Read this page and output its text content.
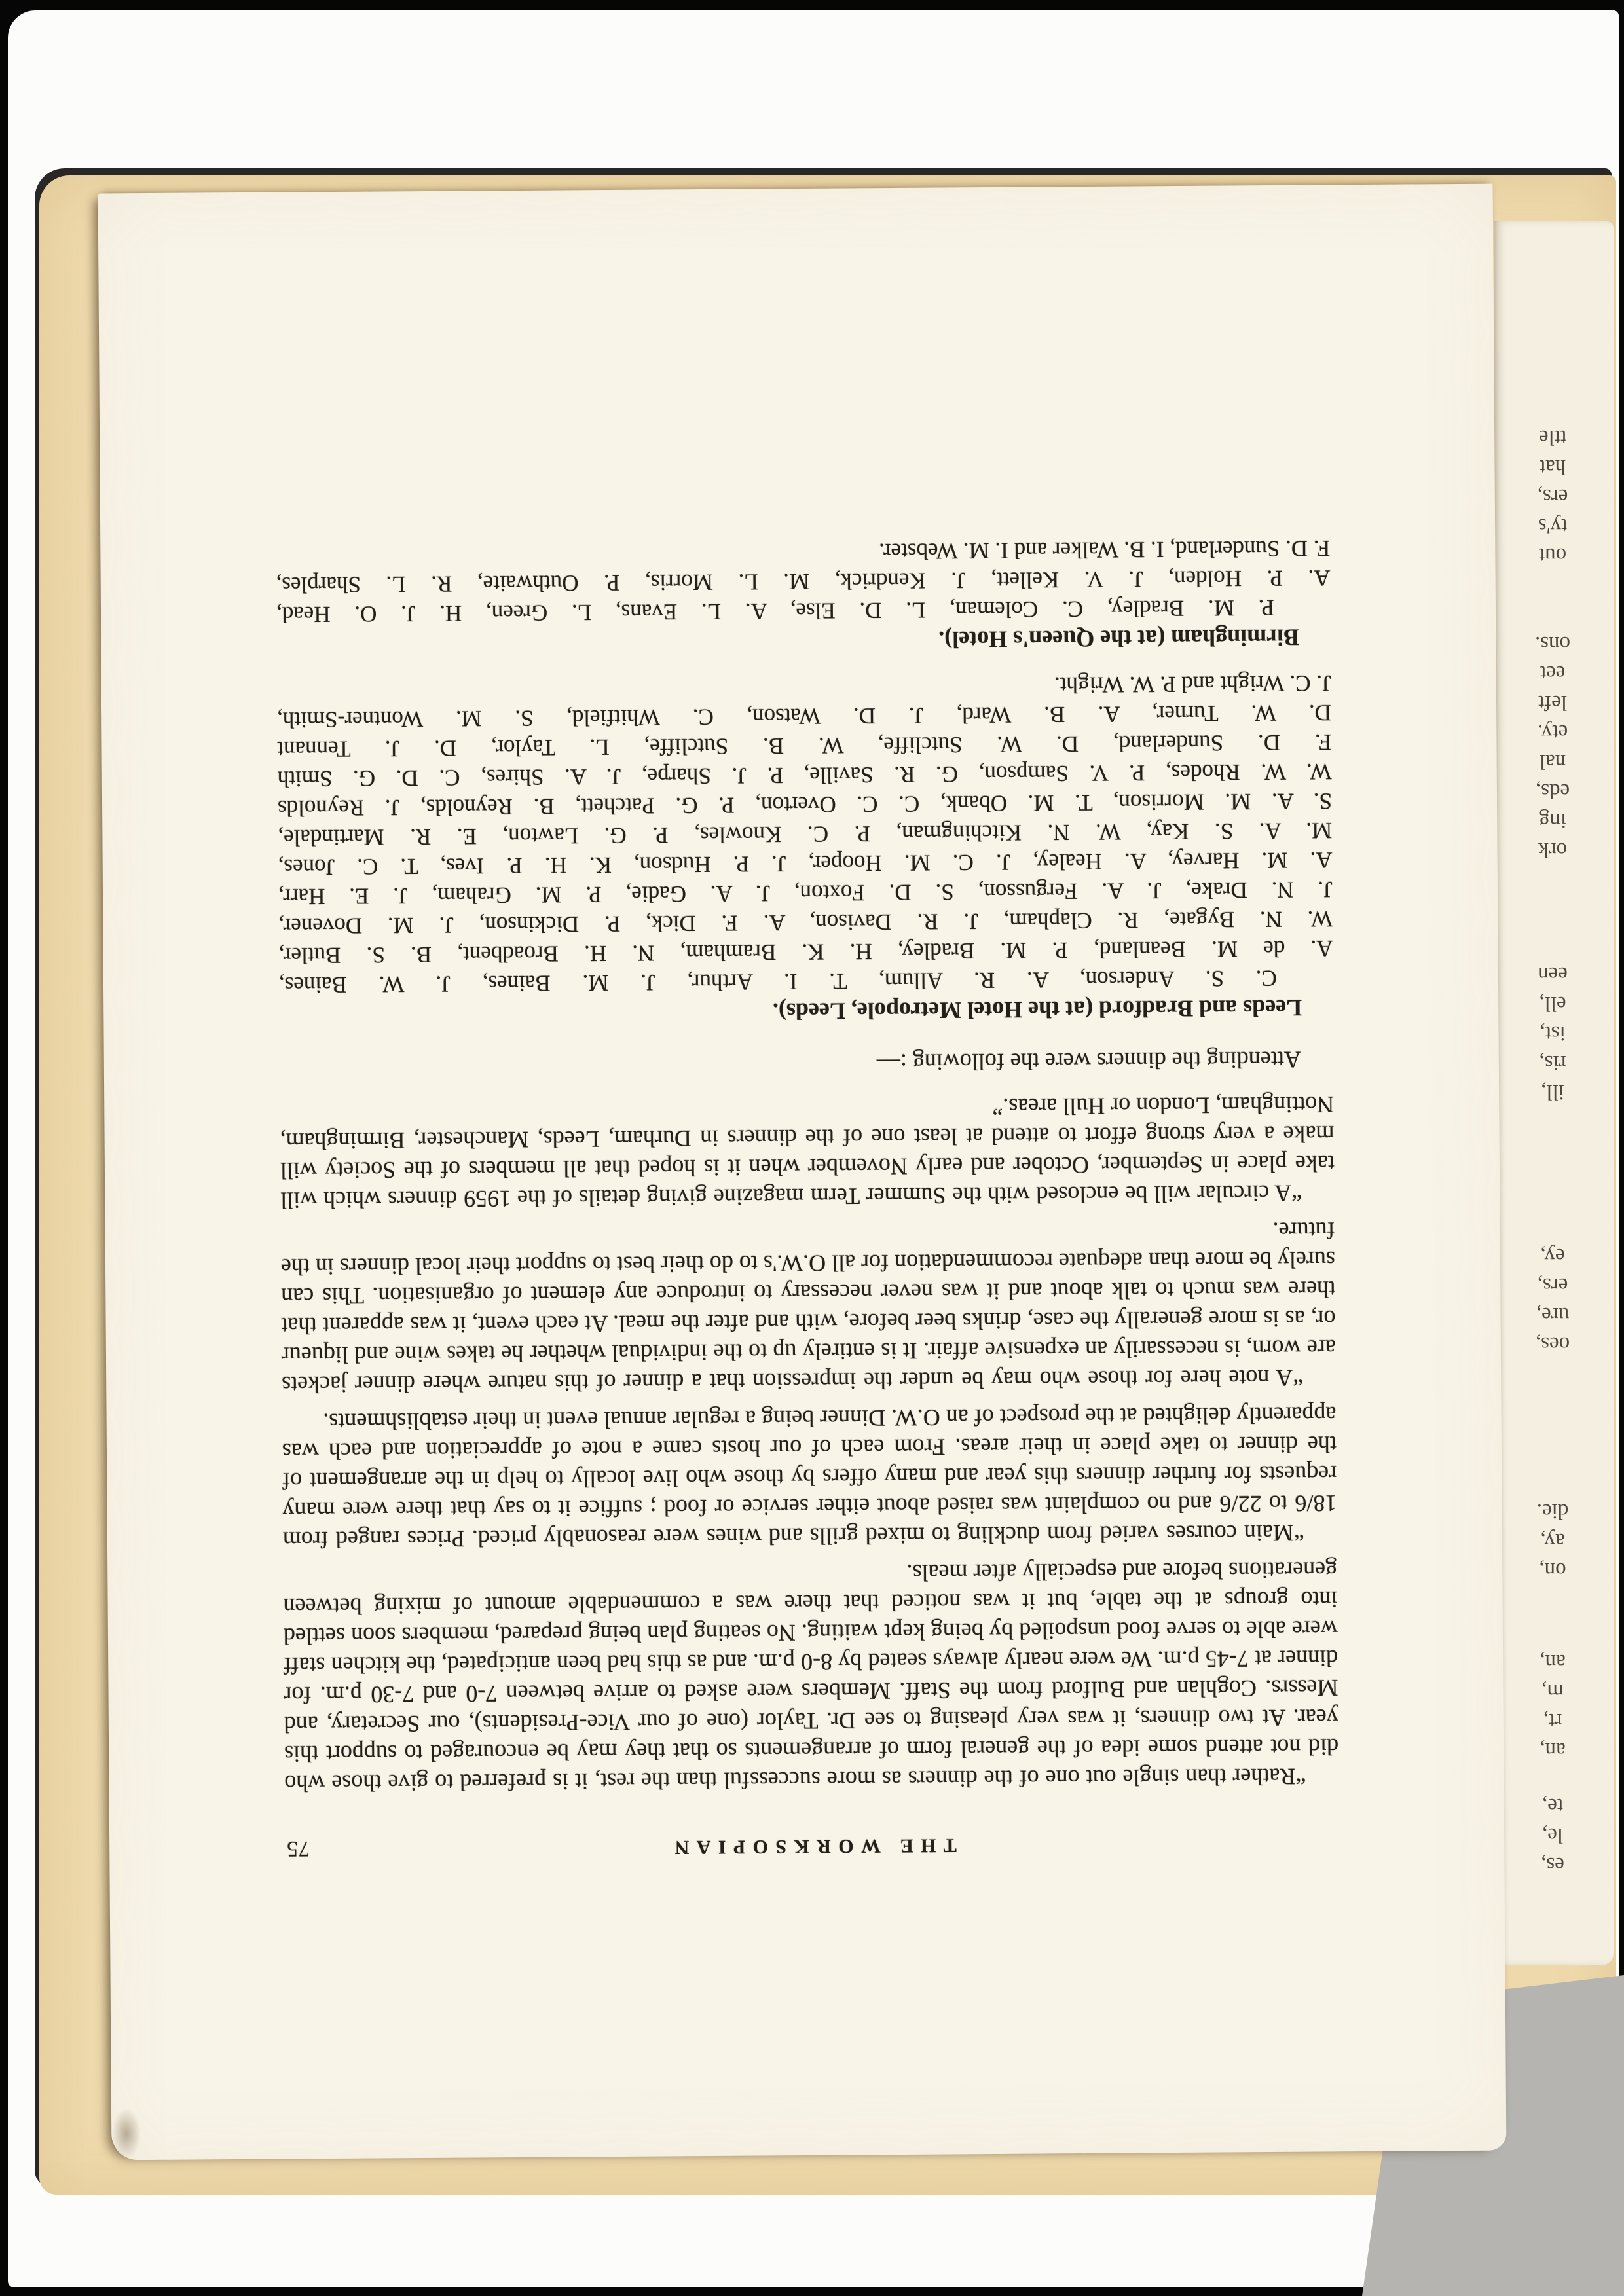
ttle
hat
ers,
ty's
out
ons.
eet
left
ety.
nal
eds,
ing
ork
een
ell,
ist,
ris,
ill,
ey,
ers,
ure,
oes,
die.
ay,
on,
an,
m,
rt,
an,
te,
le,
es,
THE WORKSOPIAN
75

“Rather than single out one of the dinners as more successful than the rest, it is preferred to give those who did not attend some idea of the general form of arrangements so that they may be encouraged to support this year. At two dinners, it was very pleasing to see Dr. Taylor (one of our Vice-Presidents), our Secretary, and Messrs. Coghlan and Bulford from the Staff. Members were asked to arrive between 7-0 and 7-30 p.m. for dinner at 7-45 p.m. We were nearly always seated by 8-0 p.m. and as this had been anticipated, the kitchen staff were able to serve food unspoiled by being kept waiting. No seating plan being prepared, members soon settled into groups at the table, but it was noticed that there was a commendable amount of mixing between generations before and especially after meals.

“Main courses varied from duckling to mixed grills and wines were reasonably priced. Prices ranged from 18/6 to 22/6 and no complaint was raised about either service or food ; suffice it to say that there were many requests for further dinners this year and many offers by those who live locally to help in the arrangement of the dinner to take place in their areas. From each of our hosts came a note of appreciation and each was apparently delighted at the prospect of an O.W. Dinner being a regular annual event in their establishments.

“A note here for those who may be under the impression that a dinner of this nature where dinner jackets are worn, is necessarily an expensive affair. It is entirely up to the individual whether he takes wine and liqueur or, as is more generally the case, drinks beer before, with and after the meal. At each event, it was apparent that there was much to talk about and it was never necessary to introduce any element of organisation. This can surely be more than adequate recommendation for all O.W.'s to do their best to support their local dinners in the future.

“A circular will be enclosed with the Summer Term magazine giving details of the 1959 dinners which will take place in September, October and early November when it is hoped that all members of the Society will make a very strong effort to attend at least one of the dinners in Durham, Leeds, Manchester, Birmingham, Nottingham, London or Hull areas.”

Attending the dinners were the following :—
Leeds and Bradford (at the Hotel Metropole, Leeds).
C. S. Anderson, A. R. Allum, T. I. Arthur, J. M. Baines, J. W. Baines,
A. de M. Beanland, P. M. Bradley, H. K. Bramham, N. H. Broadbent, B. S. Butler,
W. N. Bygate, R. Clapham, J. R. Davison, A. F. Dick, P. Dickinson, J. M. Dovener,
J. N. Drake, J. A. Fergusson, S. D. Foxton, J. A. Gadie, P. M. Graham, J. E. Harr,
A. M. Harvey, A. Healey, J. C. M. Hooper, J. P. Hudson, K. H. P. Ives, T. C. Jones,
M. A. S. Kay, W. N. Kitchingman, P. C. Knowles, P. G. Lawton, E. R. Martindale,
S. A. M. Morrison, T. M. Obank, C. C. Overton, P. G. Patchett, B. Reynolds, J. Reynolds
W. W. Rhodes, P. V. Sampson, G. R. Saville, P. J. Sharpe, J. A. Shires, C. D. G. Smith
F. D. Sunderland, D. W. Sutcliffe, W. B. Sutcliffe, L. Taylor, D. J. Tennant
D. W. Turner, A. B. Ward, J. D. Watson, C. Whitfield, S. M. Wontner-Smith,
J. C. Wright and P. W. Wright.
Birmingham (at the Queen's Hotel).
P. M. Bradley, C. Coleman, L. D. Else, A. L. Evans, L. Green, H. J. O. Head,
A. P. Holden, J. V. Kellett, J. Kendrick, M. L. Morris, P. Outhwaite, R. L. Sharples,
F. D. Sunderland, I. B. Walker and I. M. Webster.
